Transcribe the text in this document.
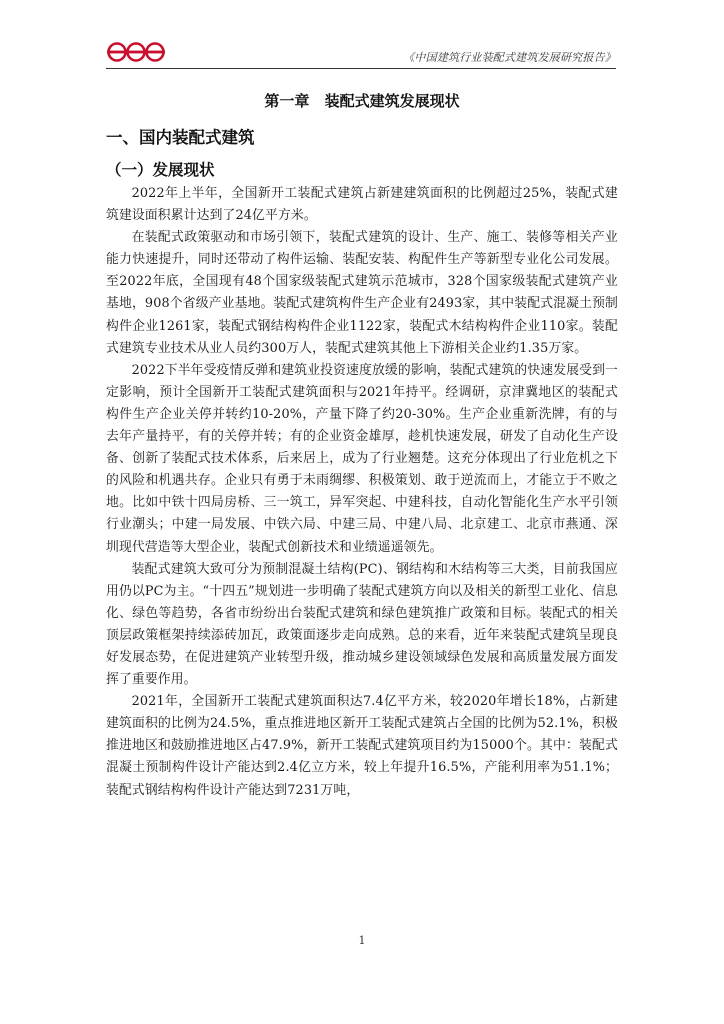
《中国建筑行业装配式建筑发展研究报告》
第一章 装配式建筑发展现状
一、国内装配式建筑
（一）发展现状

2022年上半年，全国新开工装配式建筑占新建建筑面积的比例超过25%，装配式建筑建设面积累计达到了24亿平方米。

在装配式政策驱动和市场引领下，装配式建筑的设计、生产、施工、装修等相关产业能力快速提升，同时还带动了构件运输、装配安装、构配件生产等新型专业化公司发展。至2022年底，全国现有48个国家级装配式建筑示范城市，328个国家级装配式建筑产业基地，908个省级产业基地。装配式建筑构件生产企业有2493家，其中装配式混凝土预制构件企业1261家，装配式钢结构构件企业1122家，装配式木结构构件企业110家。装配式建筑专业技术从业人员约300万人，装配式建筑其他上下游相关企业约1.35万家。

2022下半年受疫情反弹和建筑业投资速度放缓的影响，装配式建筑的快速发展受到一定影响，预计全国新开工装配式建筑面积与2021年持平。经调研，京津冀地区的装配式构件生产企业关停并转约10-20%，产量下降了约20-30%。生产企业重新洗牌，有的与去年产量持平，有的关停并转；有的企业资金雄厚，趁机快速发展，研发了自动化生产设备、创新了装配式技术体系，后来居上，成为了行业翘楚。这充分体现出了行业危机之下的风险和机遇共存。企业只有勇于未雨绸缪、积极策划、敢于逆流而上，才能立于不败之地。比如中铁十四局房桥、三一筑工，异军突起、中建科技，自动化智能化生产水平引领行业潮头；中建一局发展、中铁六局、中建三局、中建八局、北京建工、北京市燕通、深圳现代营造等大型企业，装配式创新技术和业绩遥遥领先。

装配式建筑大致可分为预制混凝土结构(PC)、钢结构和木结构等三大类，目前我国应用仍以PC为主。“十四五”规划进一步明确了装配式建筑方向以及相关的新型工业化、信息化、绿色等趋势，各省市纷纷出台装配式建筑和绿色建筑推广政策和目标。装配式的相关顶层政策框架持续添砖加瓦，政策面逐步走向成熟。总的来看，近年来装配式建筑呈现良好发展态势，在促进建筑产业转型升级，推动城乡建设领域绿色发展和高质量发展方面发挥了重要作用。

2021年，全国新开工装配式建筑面积达7.4亿平方米，较2020年增长18%，占新建建筑面积的比例为24.5%，重点推进地区新开工装配式建筑占全国的比例为52.1%，积极推进地区和鼓励推进地区占47.9%，新开工装配式建筑项目约为15000个。其中：装配式混凝土预制构件设计产能达到2.4亿立方米，较上年提升16.5%，产能利用率为51.1%；装配式钢结构构件设计产能达到7231万吨，

1
